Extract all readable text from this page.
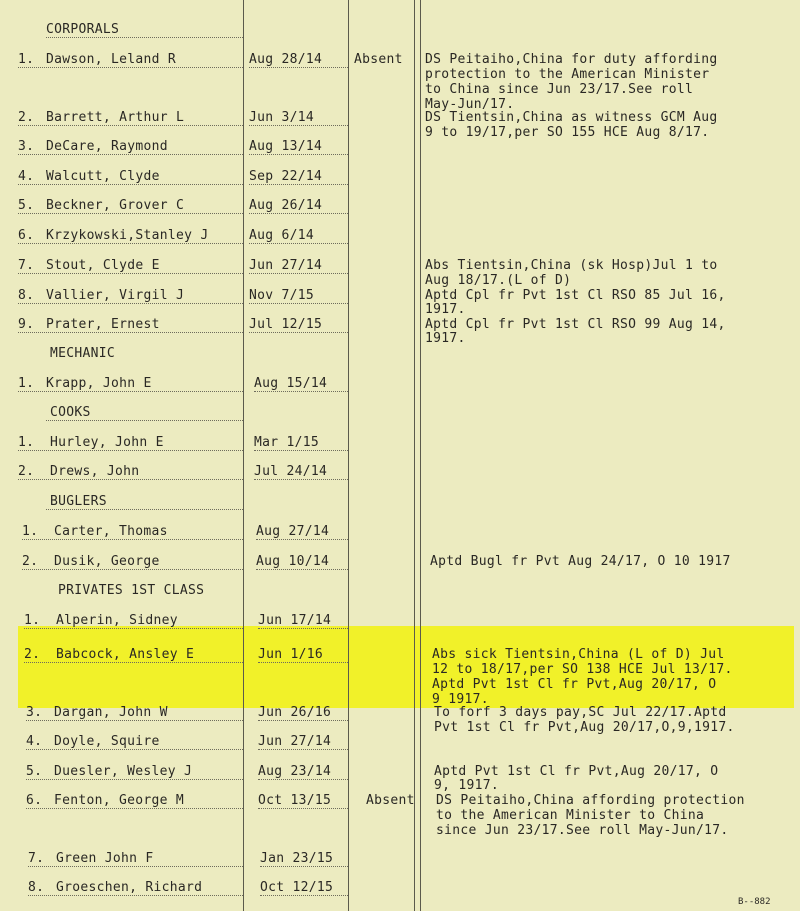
CORPORALS
MECHANIC
COOKS
BUGLERS
PRIVATES 1ST CLASS
1. Dawson, Leland R	Aug 28/14 Absent DS Peitaiho,China for duty affording
protection to the American Minister
to China since Jun 23/17.See roll
May-Jun/17.
2. Barrett, Arthur L	Jun 3/14	DS Tientsin,China as witness GCM Aug
9 to 19/17,per SO 155 HCE Aug 8/17.
3. DeCare, Raymond	Aug 13/14
4. Walcutt, Clyde	Sep 22/14
5. Beckner, Grover C	Aug 26/14
6. Krzykowski,Stanley J	Aug 6/14
7. Stout, Clyde E	Jun 27/14	Abs Tientsin,China (sk Hosp)Jul 1 to
Aug 18/17.(L of D)
8. Vallier, Virgil J	Nov 7/15	Aptd Cpl fr Pvt 1st Cl RSO 85 Jul 16,
1917.
9. Prater, Ernest	Jul 12/15	Aptd Cpl fr Pvt 1st Cl RSO 99 Aug 14,
1917.
1. Krapp, John E	Aug 15/14
1. Hurley, John E	Mar 1/15
2. Drews, John	Jul 24/14
1. Carter, Thomas	Aug 27/14
2. Dusik, George	Aug 10/14	Aptd Bugl fr Pvt Aug 24/17, O 10 1917
1. Alperin, Sidney	Jun 17/14
2. Babcock, Ansley E	Jun 1/16	Abs sick Tientsin,China (L of D) Jul
12 to 18/17,per SO 138 HCE Jul 13/17.
Aptd Pvt 1st Cl fr Pvt,Aug 20/17, O
9 1917.
3. Dargan, John W	Jun 26/16	To forf 3 days pay,SC Jul 22/17.Aptd
Pvt 1st Cl fr Pvt,Aug 20/17,O,9,1917.
4. Doyle, Squire	Jun 27/14
5. Duesler, Wesley J	Aug 23/14	Aptd Pvt 1st Cl fr Pvt,Aug 20/17, O
9, 1917.
6. Fenton, George M	Oct 13/15	Absent DS Peitaiho,China affording protection
to the American Minister to China
since Jun 23/17.See roll May-Jun/17.
7. Green John F	Jan 23/15
8. Groeschen, Richard	Oct 12/15
B--882
